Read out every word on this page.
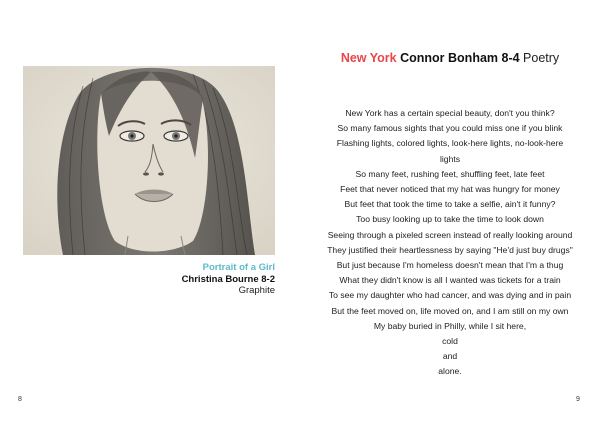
Portrait of a Girl
Christina Bourne 8-2
Graphite
8
New York Connor Bonham 8-4 Poetry
New York has a certain special beauty, don't you think?
So many famous sights that you could miss one if you blink
Flashing lights, colored lights, look-here lights, no-look-here
lights
So many feet, rushing feet, shuffling feet, late feet
Feet that never noticed that my hat was hungry for money
But feet that took the time to take a selfie, ain't it funny?
Too busy looking up to take the time to look down
Seeing through a pixeled screen instead of really looking around
They justified their heartlessness by saying "He'd just buy drugs"
But just because I'm homeless doesn't mean that I'm a thug
What they didn't know is all I wanted was tickets for a train
To see my daughter who had cancer, and was dying and in pain
But the feet moved on, life moved on, and I am still on my own
My baby buried in Philly, while I sit here,
cold
and
alone.
9
